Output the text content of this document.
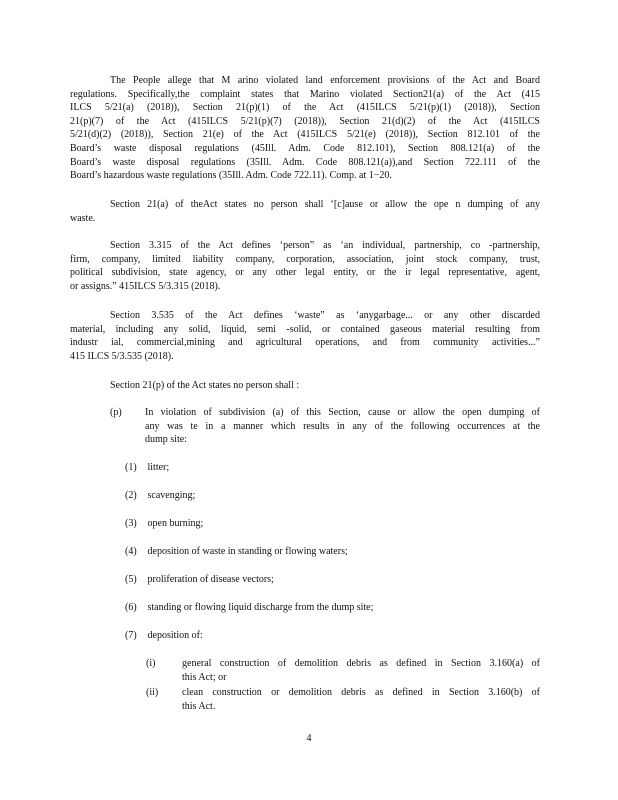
The People allege that M arino violated land enforcement provisions of the Act and Board
regulations. Specifically,the complaint states that Marino violated Section21(a) of the Act (415
ILCS 5/21(a) (2018)), Section 21(p)(1) of the Act (415ILCS 5/21(p)(1) (2018)), Section
21(p)(7) of the Act (415ILCS 5/21(p)(7) (2018)), Section 21(d)(2) of the Act (415ILCS
5/21(d)(2) (2018)), Section 21(e) of the Act (415ILCS 5/21(e) (2018)), Section 812.101 of the
Board’s waste disposal regulations (45Ill. Adm. Code 812.101), Section 808.121(a) of the
Board’s waste disposal regulations (35Ill. Adm. Code 808.121(a)),and Section 722.111 of the
Board’s hazardous waste regulations (35Ill. Adm. Code 722.11). Comp. at 1−20.
Section 21(a) of theAct states no person shall ‘[c]ause or allow the ope n dumping of any
waste.
Section 3.315 of the Act defines ‘person” as ‘an individual, partnership, co -partnership,
firm, company, limited liability company, corporation, association, joint stock company, trust,
political subdivision, state agency, or any other legal entity, or the ir legal representative, agent,
or assigns.” 415ILCS 5/3.315 (2018).
Section 3.535 of the Act defines ‘waste” as ‘anygarbage... or any other discarded
material, including any solid, liquid, semi -solid, or contained gaseous material resulting from
industr ial, commercial,mining and agricultural operations, and from community activities...”
415 ILCS 5/3.535 (2018).
Section 21(p) of the Act states no person shall :
(p) In violation of subdivision (a) of this Section, cause or allow the open dumping of
any was te in a manner which results in any of the following occurrences at the
dump site:
(1) litter;
(2) scavenging;
(3) open burning;
(4) deposition of waste in standing or flowing waters;
(5) proliferation of disease vectors;
(6) standing or flowing liquid discharge from the dump site;
(7) deposition of:
(i)	general construction of demolition debris as defined in Section 3.160(a) of
this Act; or
(ii) clean construction or demolition debris as defined in Section 3.160(b) of
this Act.
4
